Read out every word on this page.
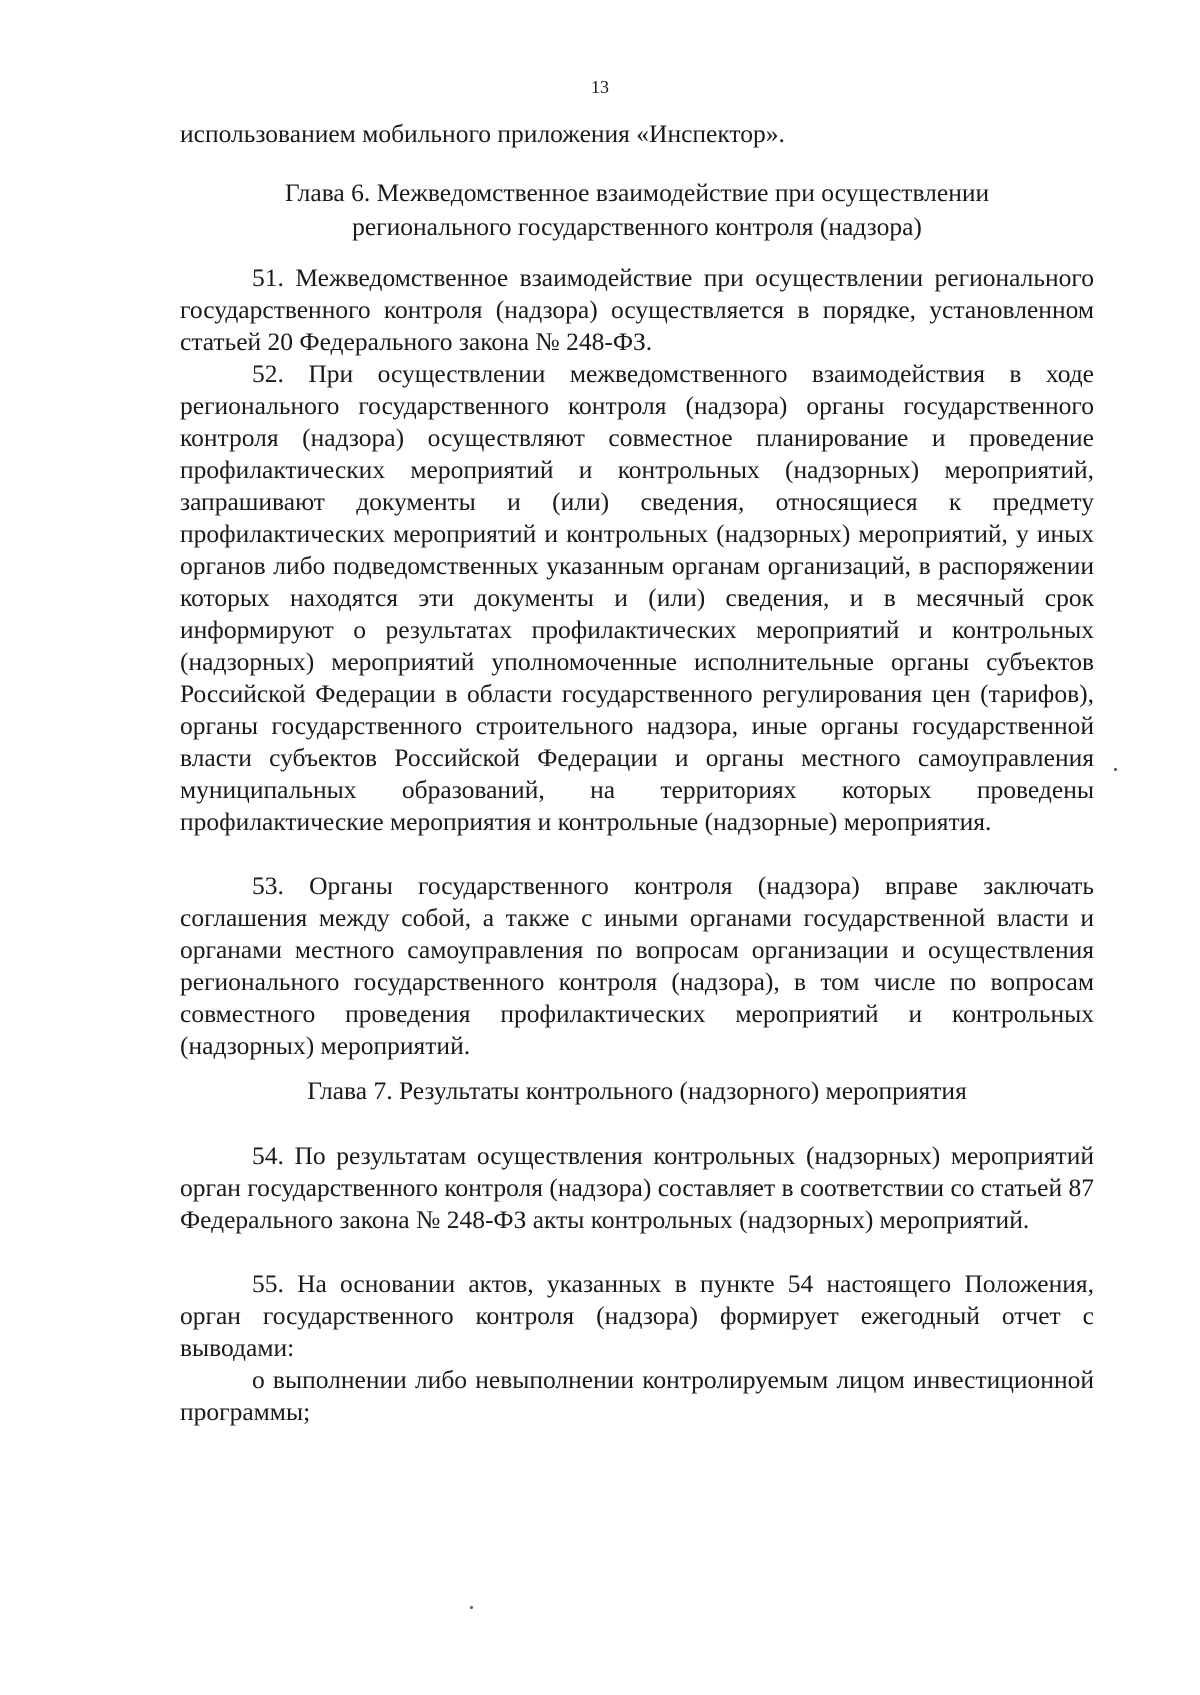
13

использованием мобильного приложения «Инспектор».

Глава 6. Межведомственное взаимодействие при осуществлении
регионального государственного контроля (надзора)

51. Межведомственное взаимодействие при осуществлении регионального государственного контроля (надзора) осуществляется в порядке, установленном статьей 20 Федерального закона № 248-ФЗ.

52. При осуществлении межведомственного взаимодействия в ходе регионального государственного контроля (надзора) органы государственного контроля (надзора) осуществляют совместное планирование и проведение профилактических мероприятий и контрольных (надзорных) мероприятий, запрашивают документы и (или) сведения, относящиеся к предмету профилактических мероприятий и контрольных (надзорных) мероприятий, у иных органов либо подведомственных указанным органам организаций, в распоряжении которых находятся эти документы и (или) сведения, и в месячный срок информируют о результатах профилактических мероприятий и контрольных (надзорных) мероприятий уполномоченные исполнительные органы субъектов Российской Федерации в области государственного регулирования цен (тарифов), органы государственного строительного надзора, иные органы государственной власти субъектов Российской Федерации и органы местного самоуправления муниципальных образований, на территориях которых проведены профилактические мероприятия и контрольные (надзорные) мероприятия.

53. Органы государственного контроля (надзора) вправе заключать соглашения между собой, а также с иными органами государственной власти и органами местного самоуправления по вопросам организации и осуществления регионального государственного контроля (надзора), в том числе по вопросам совместного проведения профилактических мероприятий и контрольных (надзорных) мероприятий.

Глава 7. Результаты контрольного (надзорного) мероприятия

54. По результатам осуществления контрольных (надзорных) мероприятий орган государственного контроля (надзора) составляет в соответствии со статьей 87 Федерального закона № 248-ФЗ акты контрольных (надзорных) мероприятий.

55. На основании актов, указанных в пункте 54 настоящего Положения, орган государственного контроля (надзора) формирует ежегодный отчет с выводами:

о выполнении либо невыполнении контролируемым лицом инвестиционной программы;
